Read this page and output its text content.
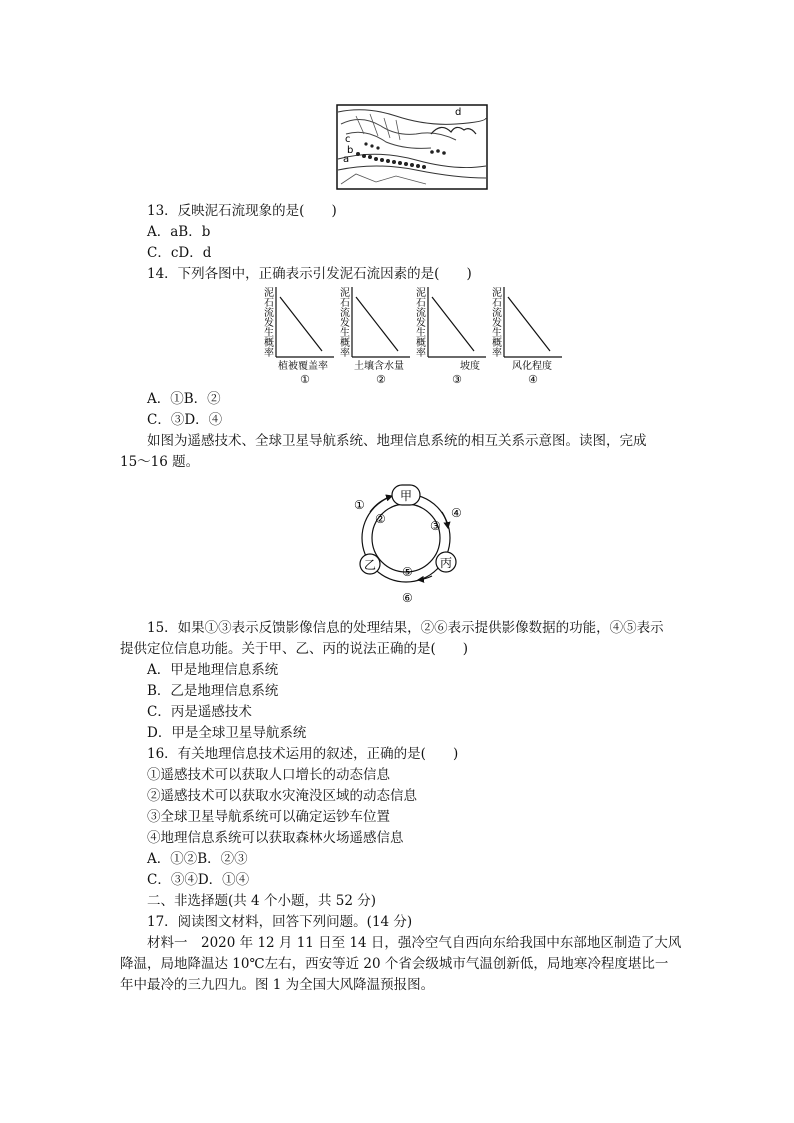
d
c
b
a
13．反映泥石流现象的是(　　)
A．aB．b
C．cD．d
14．下列各图中，正确表示引发泥石流因素的是(　　)
泥石流发生概率
植被覆盖率
①
泥石流发生概率
土壤含水量
②
泥石流发生概率
坡度
③
泥石流发生概率
风化程度
④
A．①B．②
C．③D．④
如图为遥感技术、全球卫星导航系统、地理信息系统的相互关系示意图。读图，完成
15～16 题。
甲
乙	丙
①
②	③
④
⑤
⑥
15．如果①③表示反馈影像信息的处理结果，②⑥表示提供影像数据的功能，④⑤表示
提供定位信息功能。关于甲、乙、丙的说法正确的是(　　)
A．甲是地理信息系统
B．乙是地理信息系统
C．丙是遥感技术
D．甲是全球卫星导航系统
16．有关地理信息技术运用的叙述，正确的是(　　)
①遥感技术可以获取人口增长的动态信息
②遥感技术可以获取水灾淹没区域的动态信息
③全球卫星导航系统可以确定运钞车位置
④地理信息系统可以获取森林火场遥感信息
A．①②B．②③
C．③④D．①④
二、非选择题(共 4 个小题，共 52 分)
17．阅读图文材料，回答下列问题。(14 分)
材料一　2020 年 12 月 11 日至 14 日，强冷空气自西向东给我国中东部地区制造了大风
降温，局地降温达 10℃左右，西安等近 20 个省会级城市气温创新低，局地寒冷程度堪比一
年中最冷的三九四九。图 1 为全国大风降温预报图。
